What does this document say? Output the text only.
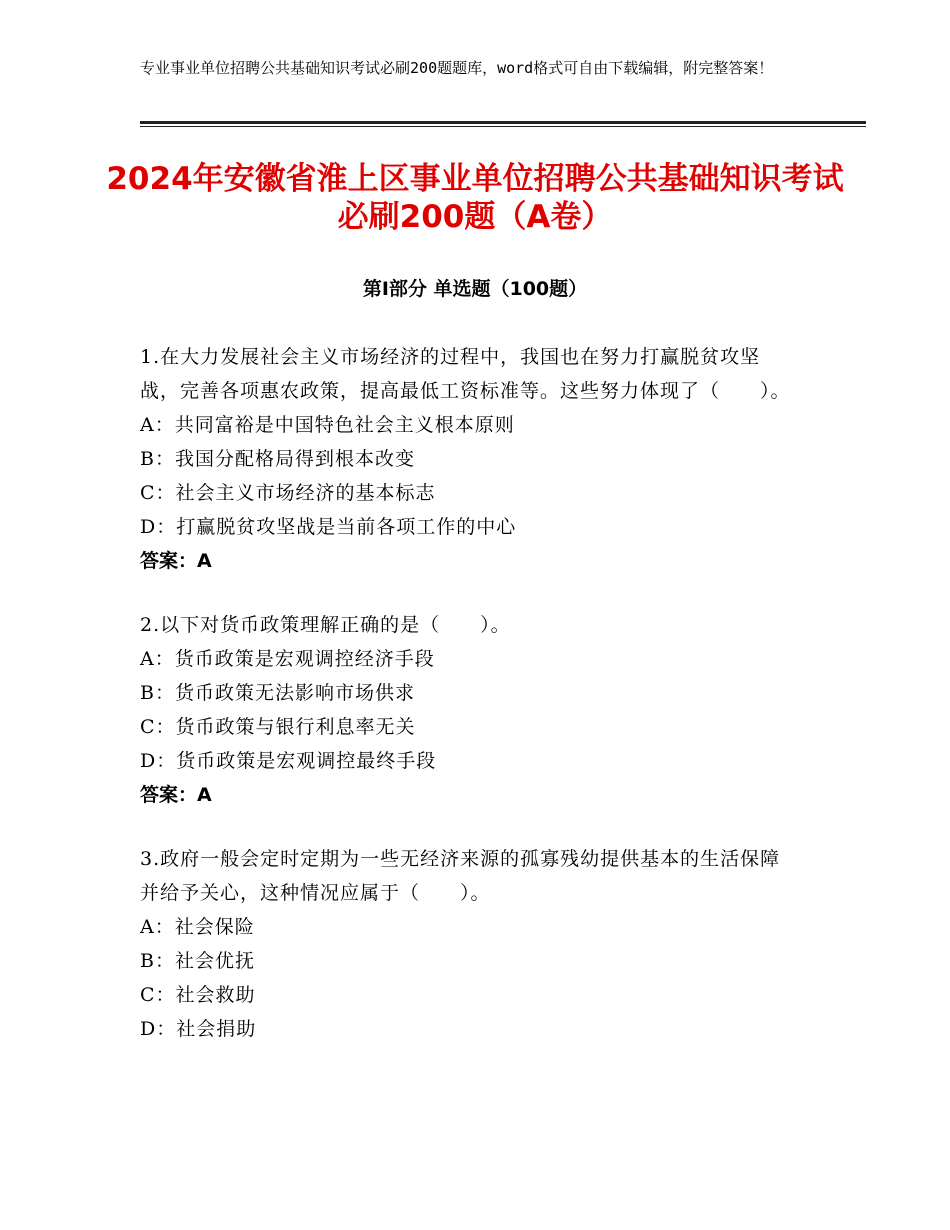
专业事业单位招聘公共基础知识考试必刷200题题库，word格式可自由下载编辑，附完整答案！
2024年安徽省淮上区事业单位招聘公共基础知识考试必刷200题（A卷）
第Ⅰ部分 单选题（100题）

1.在大力发展社会主义市场经济的过程中，我国也在努力打赢脱贫攻坚战，完善各项惠农政策，提高最低工资标准等。这些努力体现了（　　）。

A：共同富裕是中国特色社会主义根本原则

B：我国分配格局得到根本改变

C：社会主义市场经济的基本标志

D：打赢脱贫攻坚战是当前各项工作的中心

答案：A

2.以下对货币政策理解正确的是（　　）。

A：货币政策是宏观调控经济手段

B：货币政策无法影响市场供求

C：货币政策与银行利息率无关

D：货币政策是宏观调控最终手段

答案：A

3.政府一般会定时定期为一些无经济来源的孤寡残幼提供基本的生活保障并给予关心，这种情况应属于（　　）。

A：社会保险

B：社会优抚

C：社会救助

D：社会捐助
